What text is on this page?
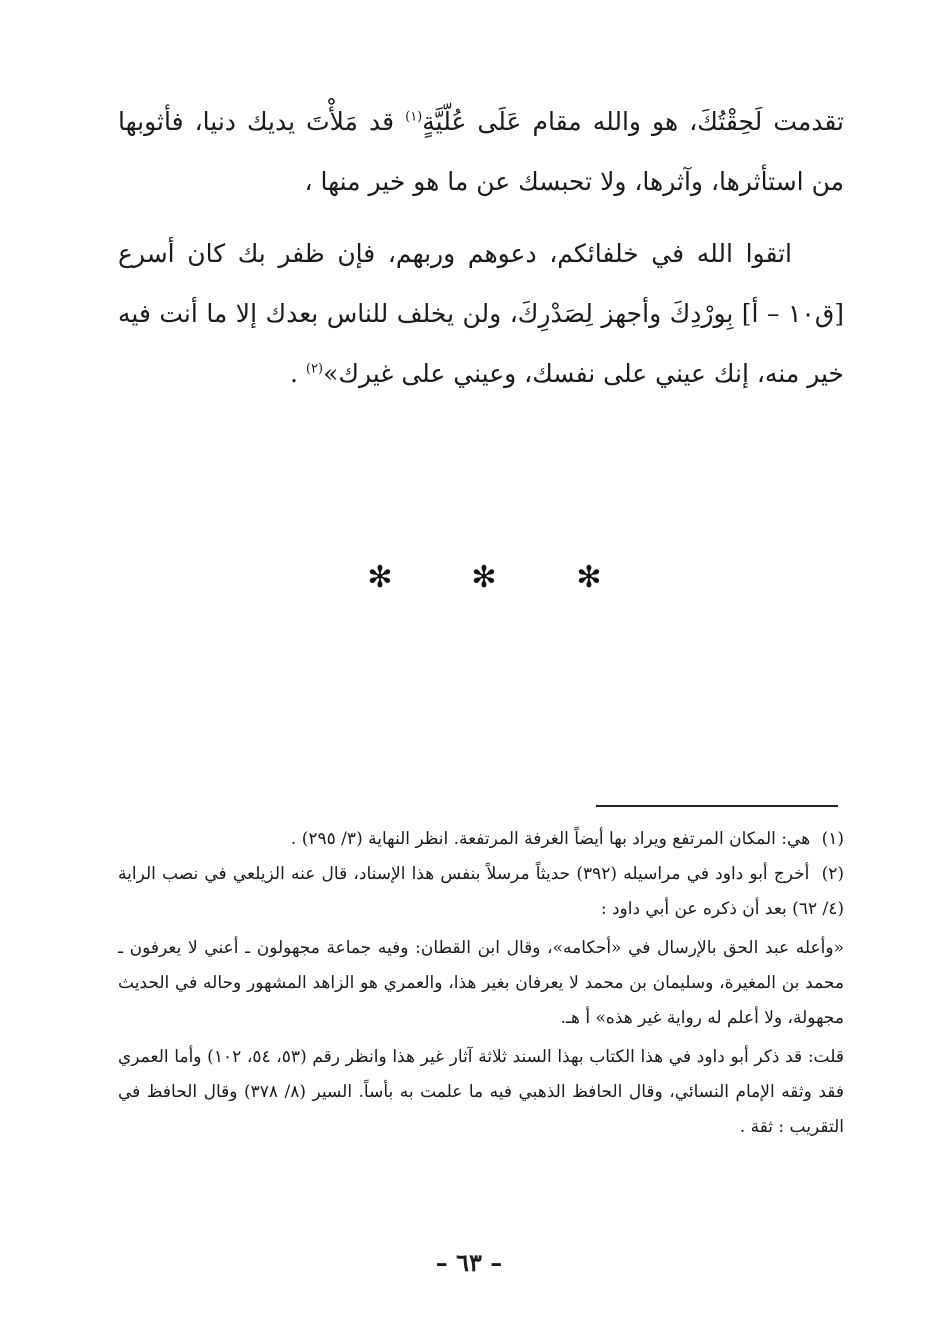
تقدمت لَحِقْتُكَ، هو والله مقام عَلَى عُلّيَّةٍ$^{(١)}$ قد مَلأْتَ يديك دنيا، فأثوبها من استأثرها، وآثرها، ولا تحبسك عن ما هو خير منها ،

اتقوا الله في خلفائكم، دعوهم وربهم، فإن ظفر بك كان أسرع [ق١٠ – أ] بِورْدِكَ وأجهز لِصَدْرِكَ، ولن يخلف للناس بعدك إلا ما أنت فيه خير منه، إنك عيني على نفسك، وعيني على غيرك»$^{(٢)}$ .

✻
✻
✻

(١) هي: المكان المرتفع ويراد بها أيضاً الغرفة المرتفعة. انظر النهاية (٣/ ٢٩٥) .

(٢) أخرج أبو داود في مراسيله (٣٩٢) حديثاً مرسلاً بنفس هذا الإسناد، قال عنه الزيلعي في نصب الراية (٤/ ٦٢) بعد أن ذكره عن أبي داود :

«وأعله عبد الحق بالإرسال في «أحكامه»، وقال ابن القطان: وفيه جماعة مجهولون ـ أعني لا يعرفون ـ محمد بن المغيرة، وسليمان بن محمد لا يعرفان بغير هذا، والعمري هو الزاهد المشهور وحاله في الحديث مجهولة، ولا أعلم له رواية غير هذه» أ هـ.

قلت: قد ذكر أبو داود في هذا الكتاب بهذا السند ثلاثة آثار غير هذا وانظر رقم (٥٣، ٥٤، ١٠٢) وأما العمري فقد وثقه الإمام النسائي، وقال الحافظ الذهبي فيه ما علمت به بأساً. السير (٨/ ٣٧٨) وقال الحافظ في التقريب : ثقة .

– ٦٣ –
